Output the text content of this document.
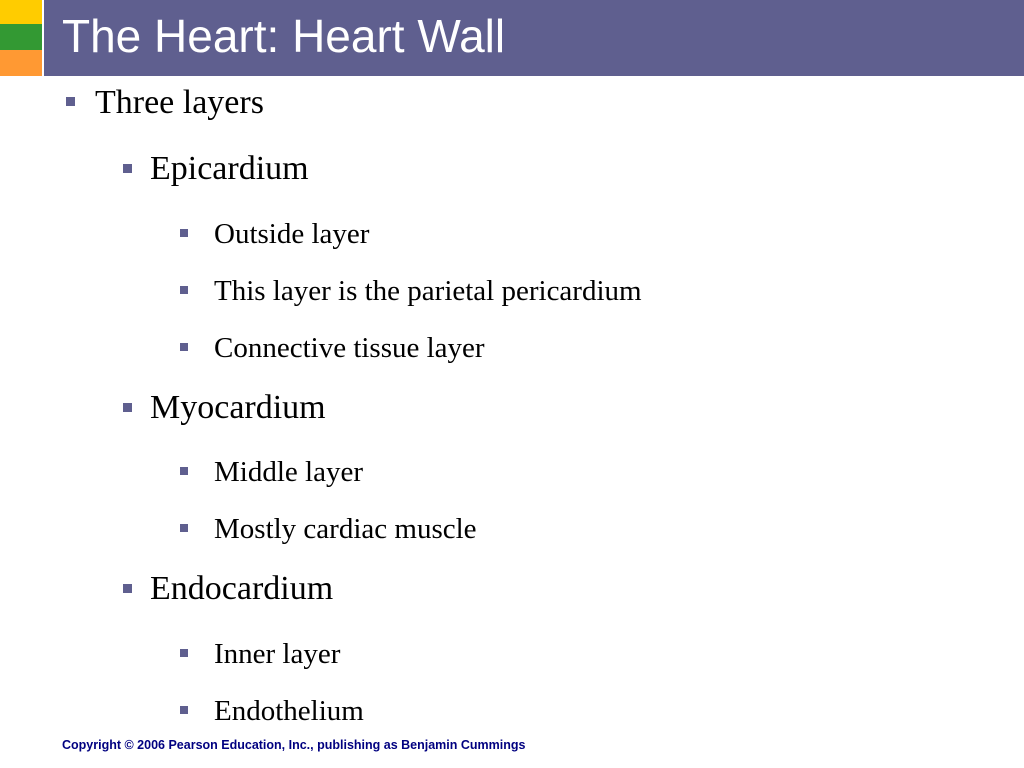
The Heart: Heart Wall
Three layers
Epicardium
Outside layer
This layer is the parietal pericardium
Connective tissue layer
Myocardium
Middle layer
Mostly cardiac muscle
Endocardium
Inner layer
Endothelium
Copyright © 2006 Pearson Education, Inc., publishing as Benjamin Cummings
